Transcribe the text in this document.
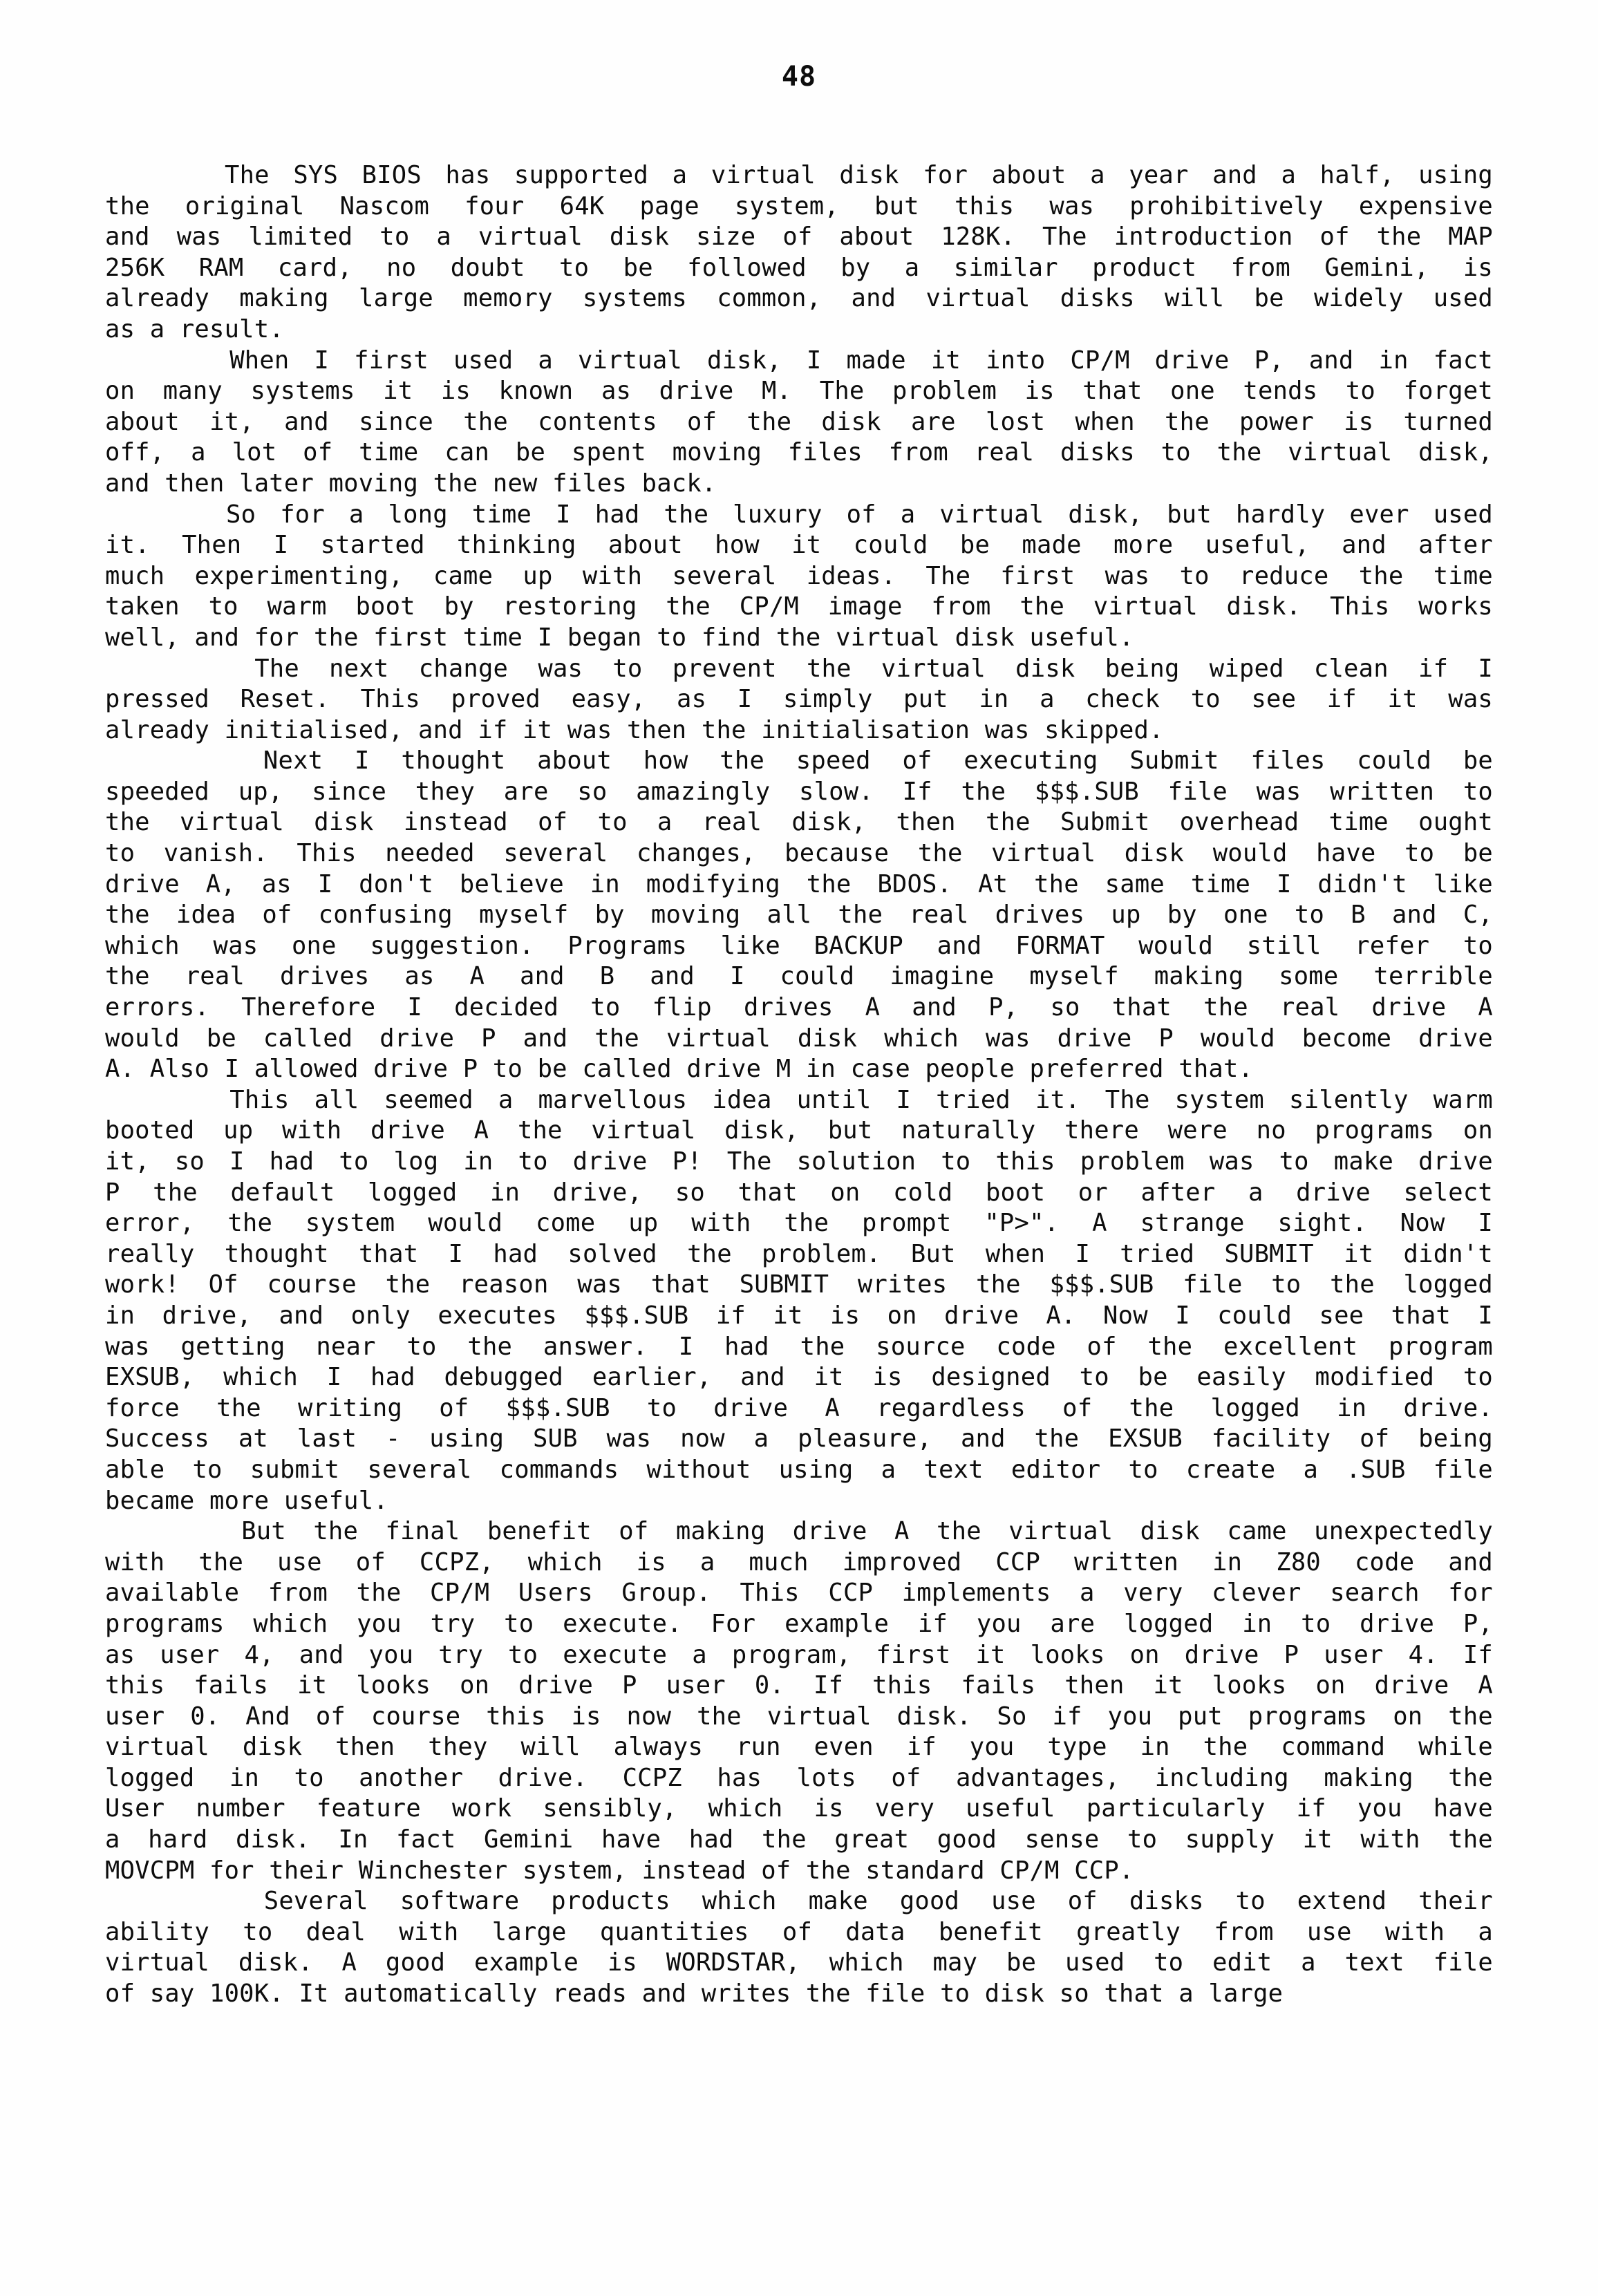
48
The SYS BIOS has supported a virtual disk for about a year and a half, using
the original Nascom four 64K page system, but this was prohibitively expensive
and was limited to a virtual disk size of about 128K. The introduction of the MAP
256K RAM card, no doubt to be followed by a similar product from Gemini, is
already making large memory systems common, and virtual disks will be widely used
as a result.
When I first used a virtual disk, I made it into CP/M drive P, and in fact
on many systems it is known as drive M. The problem is that one tends to forget
about it, and since the contents of the disk are lost when the power is turned
off, a lot of time can be spent moving files from real disks to the virtual disk,
and then later moving the new files back.
So for a long time I had the luxury of a virtual disk, but hardly ever used
it. Then I started thinking about how it could be made more useful, and after
much experimenting, came up with several ideas. The first was to reduce the time
taken to warm boot by restoring the CP/M image from the virtual disk. This works
well, and for the first time I began to find the virtual disk useful.
The next change was to prevent the virtual disk being wiped clean if I
pressed Reset. This proved easy, as I simply put in a check to see if it was
already initialised, and if it was then the initialisation was skipped.
Next I thought about how the speed of executing Submit files could be
speeded up, since they are so amazingly slow. If the $$$.SUB file was written to
the virtual disk instead of to a real disk, then the Submit overhead time ought
to vanish. This needed several changes, because the virtual disk would have to be
drive A, as I don't believe in modifying the BDOS. At the same time I didn't like
the idea of confusing myself by moving all the real drives up by one to B and C,
which was one suggestion. Programs like BACKUP and FORMAT would still refer to
the real drives as A and B and I could imagine myself making some terrible
errors. Therefore I decided to flip drives A and P, so that the real drive A
would be called drive P and the virtual disk which was drive P would become drive
A. Also I allowed drive P to be called drive M in case people preferred that.
This all seemed a marvellous idea until I tried it. The system silently warm
booted up with drive A the virtual disk, but naturally there were no programs on
it, so I had to log in to drive P! The solution to this problem was to make drive
P the default logged in drive, so that on cold boot or after a drive select
error, the system would come up with the prompt "P>". A strange sight. Now I
really thought that I had solved the problem. But when I tried SUBMIT it didn't
work! Of course the reason was that SUBMIT writes the $$$.SUB file to the logged
in drive, and only executes $$$.SUB if it is on drive A. Now I could see that I
was getting near to the answer. I had the source code of the excellent program
EXSUB, which I had debugged earlier, and it is designed to be easily modified to
force the writing of $$$.SUB to drive A regardless of the logged in drive.
Success at last - using SUB was now a pleasure, and the EXSUB facility of being
able to submit several commands without using a text editor to create a .SUB file
became more useful.
But the final benefit of making drive A the virtual disk came unexpectedly
with the use of CCPZ, which is a much improved CCP written in Z80 code and
available from the CP/M Users Group. This CCP implements a very clever search for
programs which you try to execute. For example if you are logged in to drive P,
as user 4, and you try to execute a program, first it looks on drive P user 4. If
this fails it looks on drive P user 0. If this fails then it looks on drive A
user 0. And of course this is now the virtual disk. So if you put programs on the
virtual disk then they will always run even if you type in the command while
logged in to another drive. CCPZ has lots of advantages, including making the
User number feature work sensibly, which is very useful particularly if you have
a hard disk. In fact Gemini have had the great good sense to supply it with the
MOVCPM for their Winchester system, instead of the standard CP/M CCP.
Several software products which make good use of disks to extend their
ability to deal with large quantities of data benefit greatly from use with a
virtual disk. A good example is WORDSTAR, which may be used to edit a text file
of say 100K. It automatically reads and writes the file to disk so that a large
